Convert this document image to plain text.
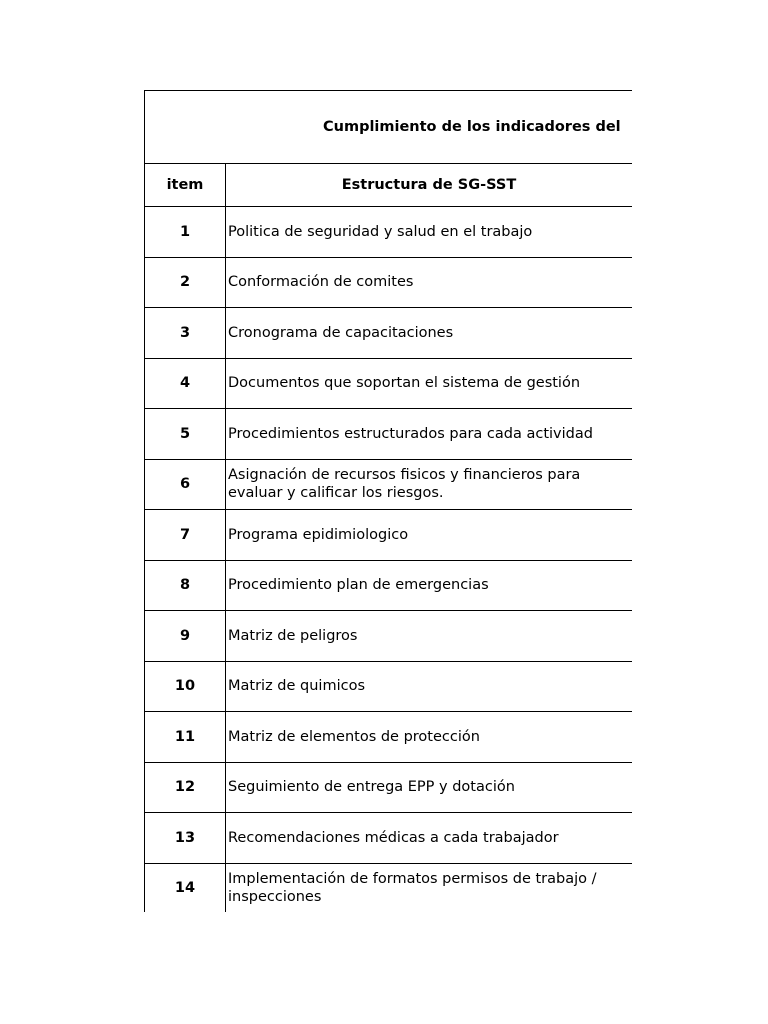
Cumplimiento de los indicadores del		
item	Estructura de SG-SST	
1	Politica de seguridad y salud en el trabajo	
2	Conformación de comites	
3	Cronograma de capacitaciones	
4	Documentos que soportan el sistema de gestión	
5	Procedimientos estructurados para cada actividad	
6	Asignación de recursos fisicos y financieros para evaluar y calificar los riesgos.	
7	Programa epidimiologico	
8	Procedimiento plan de emergencias	
9	Matriz de peligros	
10	Matriz de quimicos	
11	Matriz de elementos de protección	
12	Seguimiento de entrega EPP y dotación	
13	Recomendaciones médicas a cada trabajador	
14	Implementación de formatos permisos de trabajo / inspecciones	
